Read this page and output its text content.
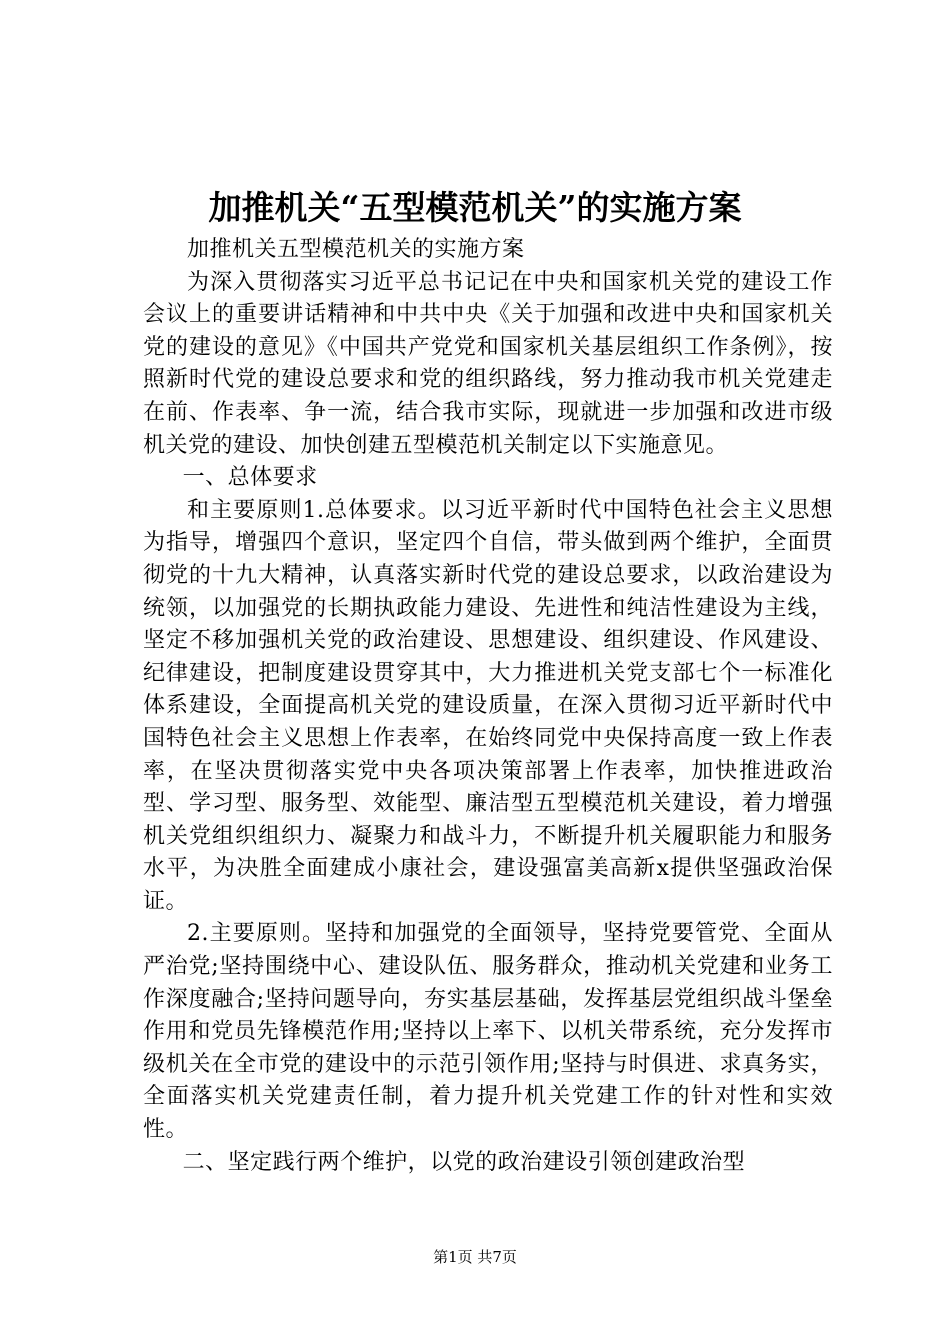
加推机关“五型模范机关”的实施方案

加推机关五型模范机关的实施方案

为深入贯彻落实习近平总书记记在中央和国家机关党的建设工作会议上的重要讲话精神和中共中央《关于加强和改进中央和国家机关党的建设的意见》《中国共产党党和国家机关基层组织工作条例》，按照新时代党的建设总要求和党的组织路线，努力推动我市机关党建走在前、作表率、争一流，结合我市实际，现就进一步加强和改进市级机关党的建设、加快创建五型模范机关制定以下实施意见。

一、总体要求

和主要原则1.总体要求。以习近平新时代中国特色社会主义思想为指导，增强四个意识，坚定四个自信，带头做到两个维护，全面贯彻党的十九大精神，认真落实新时代党的建设总要求，以政治建设为统领，以加强党的长期执政能力建设、先进性和纯洁性建设为主线，坚定不移加强机关党的政治建设、思想建设、组织建设、作风建设、纪律建设，把制度建设贯穿其中，大力推进机关党支部七个一标准化体系建设，全面提高机关党的建设质量，在深入贯彻习近平新时代中国特色社会主义思想上作表率，在始终同党中央保持高度一致上作表率，在坚决贯彻落实党中央各项决策部署上作表率，加快推进政治型、学习型、服务型、效能型、廉洁型五型模范机关建设，着力增强机关党组织组织力、凝聚力和战斗力，不断提升机关履职能力和服务水平，为决胜全面建成小康社会，建设强富美高新x提供坚强政治保证。

2.主要原则。坚持和加强党的全面领导，坚持党要管党、全面从严治党;坚持围绕中心、建设队伍、服务群众，推动机关党建和业务工作深度融合;坚持问题导向，夯实基层基础，发挥基层党组织战斗堡垒作用和党员先锋模范作用;坚持以上率下、以机关带系统，充分发挥市级机关在全市党的建设中的示范引领作用;坚持与时俱进、求真务实，全面落实机关党建责任制，着力提升机关党建工作的针对性和实效性。

二、坚定践行两个维护，以党的政治建设引领创建政治型

第1页 共7页
